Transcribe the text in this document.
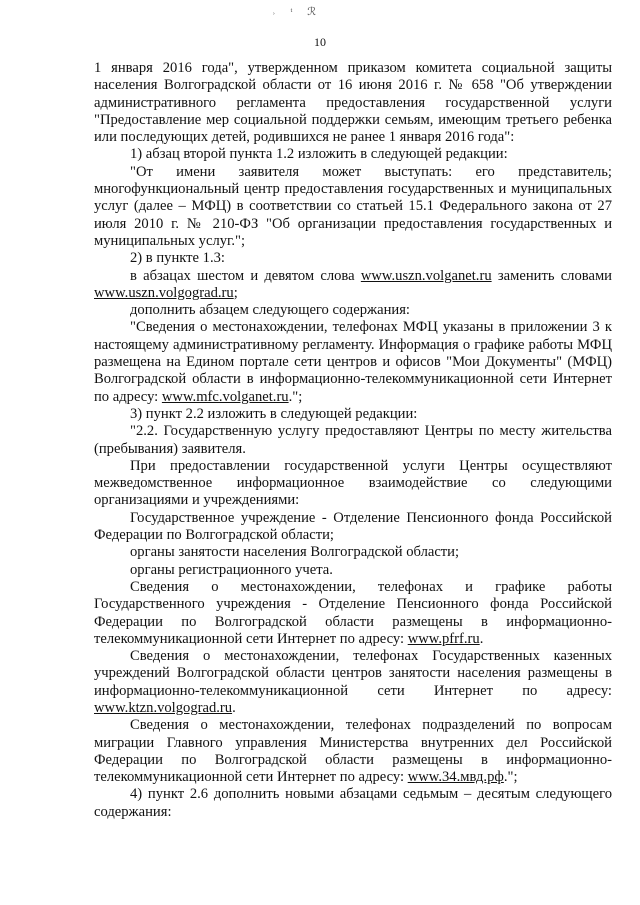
˒ ᵗ ℛ
10

1 января 2016 года", утвержденном приказом комитета социальной защиты населения Волгоградской области от 16 июня 2016 г. № 658 "Об утверждении административного регламента предоставления государственной услуги "Предоставление мер социальной поддержки семьям, имеющим третьего ребенка или последующих детей, родившихся не ранее 1 января 2016 года":

1) абзац второй пункта 1.2 изложить в следующей редакции:

"От имени заявителя может выступать: его представитель; многофункциональный центр предоставления государственных и муниципальных услуг (далее – МФЦ) в соответствии со статьей 15.1 Федерального закона от 27 июля 2010 г. № 210-ФЗ "Об организации предоставления государственных и муниципальных услуг.";

2) в пункте 1.3:

в абзацах шестом и девятом слова www.uszn.volganet.ru заменить словами www.uszn.volgograd.ru;

дополнить абзацем следующего содержания:

"Сведения о местонахождении, телефонах МФЦ указаны в приложении 3 к настоящему административному регламенту. Информация о графике работы МФЦ размещена на Едином портале сети центров и офисов "Мои Документы" (МФЦ) Волгоградской области в информационно-телекоммуникационной сети Интернет по адресу: www.mfc.volganet.ru.";

3) пункт 2.2 изложить в следующей редакции:

"2.2. Государственную услугу предоставляют Центры по месту жительства (пребывания) заявителя.

При предоставлении государственной услуги Центры осуществляют межведомственное информационное взаимодействие со следующими организациями и учреждениями:

Государственное учреждение - Отделение Пенсионного фонда Российской Федерации по Волгоградской области;

органы занятости населения Волгоградской области;

органы регистрационного учета.

Сведения о местонахождении, телефонах и графике работы Государственного учреждения - Отделение Пенсионного фонда Российской Федерации по Волгоградской области размещены в информационно-телекоммуникационной сети Интернет по адресу: www.pfrf.ru.

Сведения о местонахождении, телефонах Государственных казенных учреждений Волгоградской области центров занятости населения размещены в информационно-телекоммуникационной сети Интернет по адресу: www.ktzn.volgograd.ru.

Сведения о местонахождении, телефонах подразделений по вопросам миграции Главного управления Министерства внутренних дел Российской Федерации по Волгоградской области размещены в информационно-телекоммуникационной сети Интернет по адресу: www.34.мвд.рф.";

4) пункт 2.6 дополнить новыми абзацами седьмым – десятым следующего содержания:
